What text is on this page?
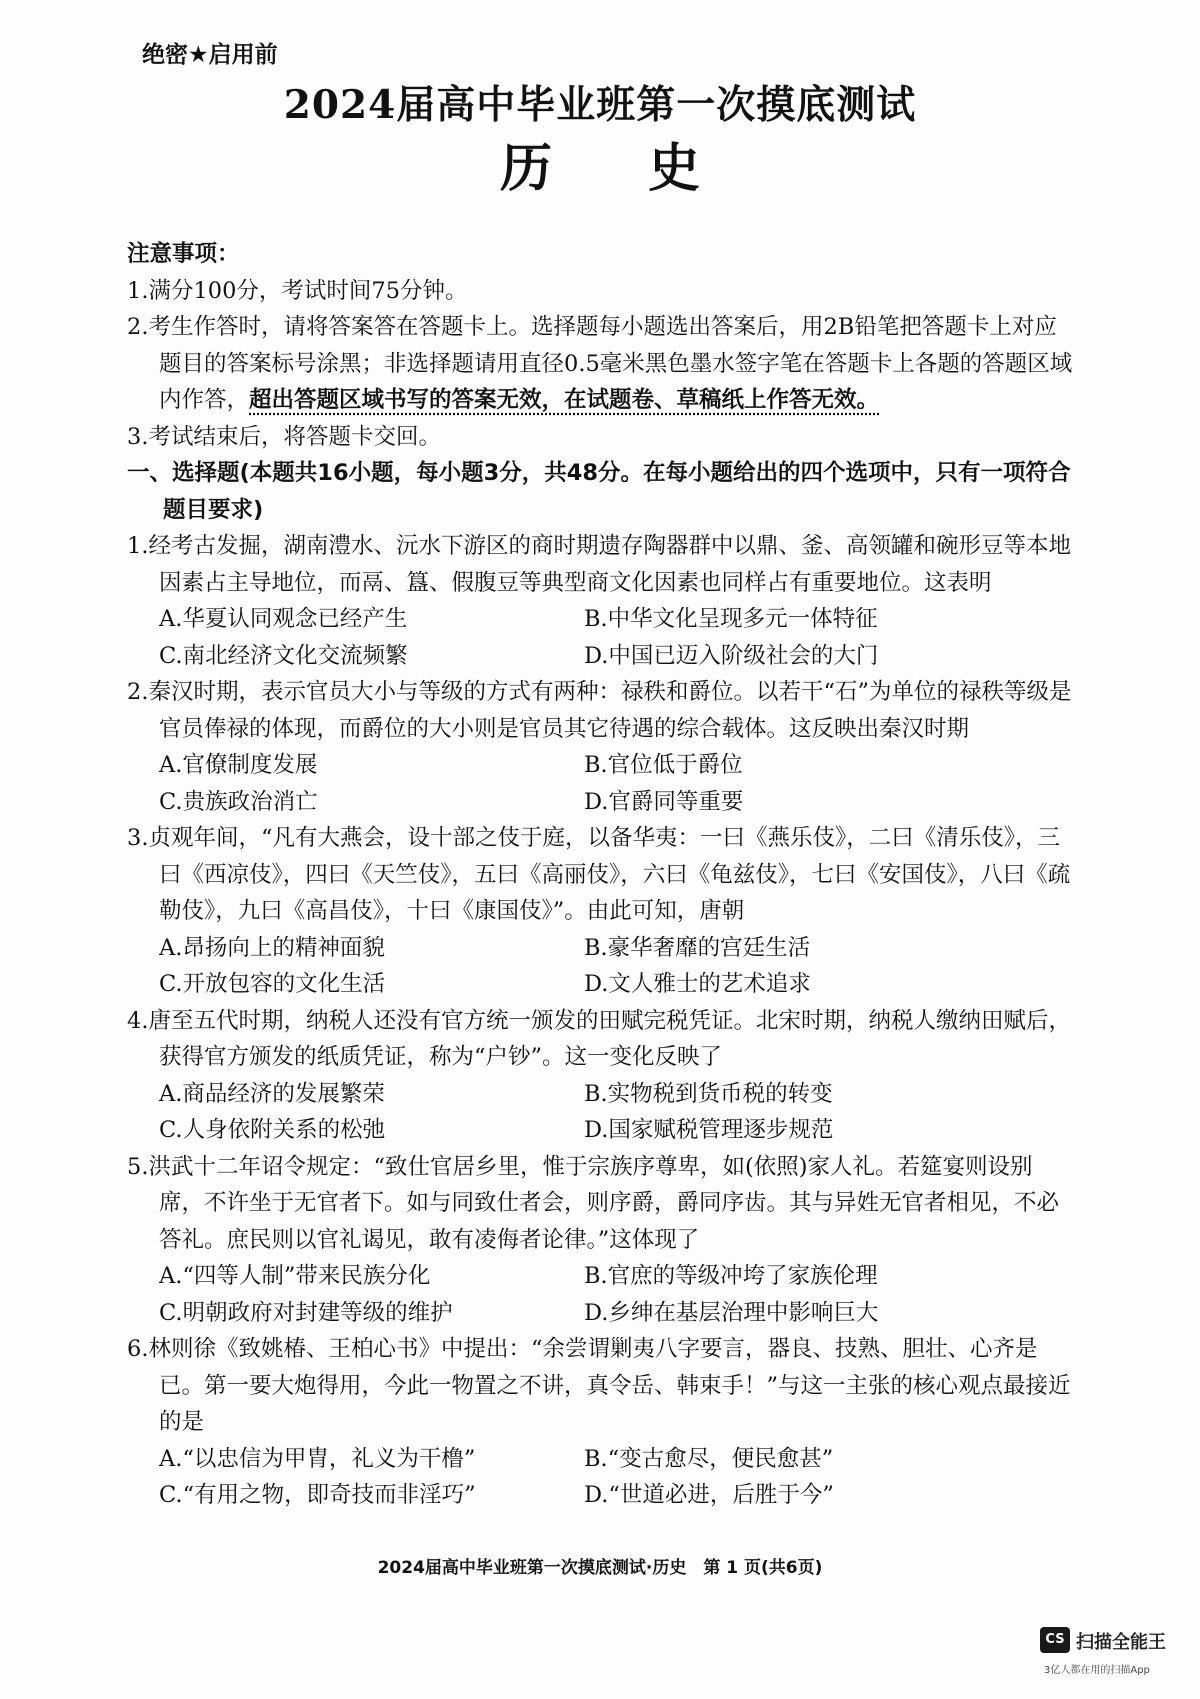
绝密★启用前
2024届高中毕业班第一次摸底测试
历史
注意事项：
1.满分100分，考试时间75分钟。
2.考生作答时，请将答案答在答题卡上。选择题每小题选出答案后，用2B铅笔把答题卡上对应题目的答案标号涂黑；非选择题请用直径0.5毫米黑色墨水签字笔在答题卡上各题的答题区域内作答，超出答题区域书写的答案无效，在试题卷、草稿纸上作答无效。
3.考试结束后，将答题卡交回。
一、选择题(本题共16小题，每小题3分，共48分。在每小题给出的四个选项中，只有一项符合题目要求)
1.经考古发掘，湖南澧水、沅水下游区的商时期遗存陶器群中以鼎、釜、高领罐和碗形豆等本地因素占主导地位，而鬲、簋、假腹豆等典型商文化因素也同样占有重要地位。这表明
A.华夏认同观念已经产生	B.中华文化呈现多元一体特征
C.南北经济文化交流频繁	D.中国已迈入阶级社会的大门
2.秦汉时期，表示官员大小与等级的方式有两种：禄秩和爵位。以若干“石”为单位的禄秩等级是官员俸禄的体现，而爵位的大小则是官员其它待遇的综合载体。这反映出秦汉时期
A.官僚制度发展	B.官位低于爵位
C.贵族政治消亡	D.官爵同等重要
3.贞观年间，“凡有大燕会，设十部之伎于庭，以备华夷：一曰《燕乐伎》，二曰《清乐伎》，三曰《西凉伎》，四曰《天竺伎》，五曰《高丽伎》，六曰《龟兹伎》，七曰《安国伎》，八曰《疏勒伎》，九曰《高昌伎》，十曰《康国伎》”。由此可知，唐朝
A.昂扬向上的精神面貌	B.豪华奢靡的宫廷生活
C.开放包容的文化生活	D.文人雅士的艺术追求
4.唐至五代时期，纳税人还没有官方统一颁发的田赋完税凭证。北宋时期，纳税人缴纳田赋后，获得官方颁发的纸质凭证，称为“户钞”。这一变化反映了
A.商品经济的发展繁荣	B.实物税到货币税的转变
C.人身依附关系的松弛	D.国家赋税管理逐步规范
5.洪武十二年诏令规定：“致仕官居乡里，惟于宗族序尊卑，如(依照)家人礼。若筵宴则设别席，不许坐于无官者下。如与同致仕者会，则序爵，爵同序齿。其与异姓无官者相见，不必答礼。庶民则以官礼谒见，敢有凌侮者论律。”这体现了
A.“四等人制”带来民族分化	B.官庶的等级冲垮了家族伦理
C.明朝政府对封建等级的维护	D.乡绅在基层治理中影响巨大
6.林则徐《致姚椿、王柏心书》中提出：“余尝谓剿夷八字要言，器良、技熟、胆壮、心齐是已。第一要大炮得用，今此一物置之不讲，真令岳、韩束手！”与这一主张的核心观点最接近的是
A.“以忠信为甲胄，礼义为干橹”	B.“变古愈尽，便民愈甚”
C.“有用之物，即奇技而非淫巧”	D.“世道必进，后胜于今”
2024届高中毕业班第一次摸底测试·历史　第 1 页(共6页)
CS 扫描全能王
3亿人都在用的扫描App
